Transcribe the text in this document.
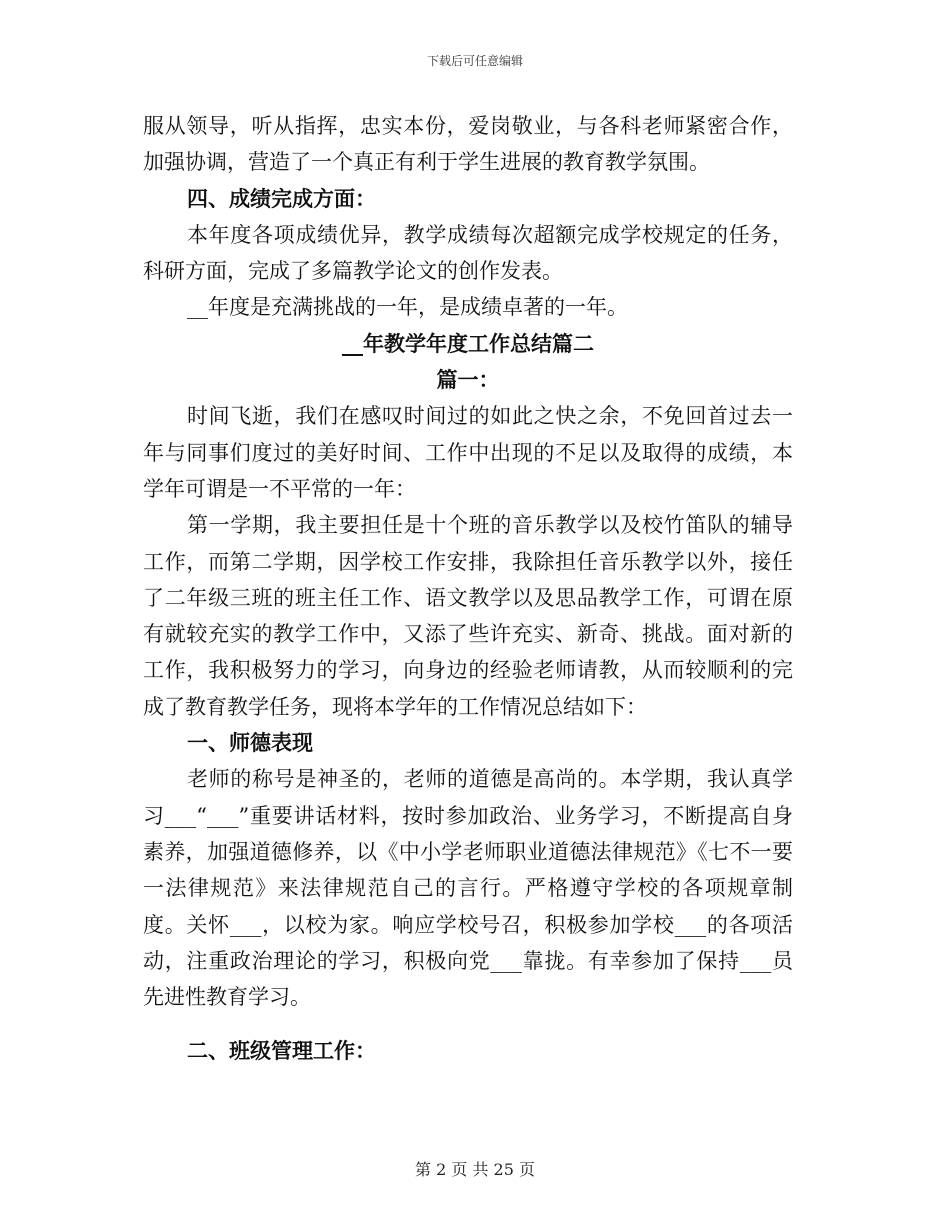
下载后可任意编辑

服从领导，听从指挥，忠实本份，爱岗敬业，与各科老师紧密合作，加强协调，营造了一个真正有利于学生进展的教育教学氛围。

四、成绩完成方面：

本年度各项成绩优异，教学成绩每次超额完成学校规定的任务，科研方面，完成了多篇教学论文的创作发表。

__年度是充满挑战的一年，是成绩卓著的一年。

__年教学年度工作总结篇二

篇一：

时间飞逝，我们在感叹时间过的如此之快之余，不免回首过去一年与同事们度过的美好时间、工作中出现的不足以及取得的成绩，本学年可谓是一不平常的一年：

第一学期，我主要担任是十个班的音乐教学以及校竹笛队的辅导工作，而第二学期，因学校工作安排，我除担任音乐教学以外，接任了二年级三班的班主任工作、语文教学以及思品教学工作，可谓在原有就较充实的教学工作中，又添了些许充实、新奇、挑战。面对新的工作，我积极努力的学习，向身边的经验老师请教，从而较顺利的完成了教育教学任务，现将本学年的工作情况总结如下：

一、师德表现

老师的称号是神圣的，老师的道德是高尚的。本学期，我认真学习___“___”重要讲话材料，按时参加政治、业务学习，不断提高自身素养，加强道德修养，以《中小学老师职业道德法律规范》《七不一要一法律规范》来法律规范自己的言行。严格遵守学校的各项规章制度。关怀___，以校为家。响应学校号召，积极参加学校___的各项活动，注重政治理论的学习，积极向党___靠拢。有幸参加了保持___员先进性教育学习。

二、班级管理工作：

第 2 页 共 25 页
